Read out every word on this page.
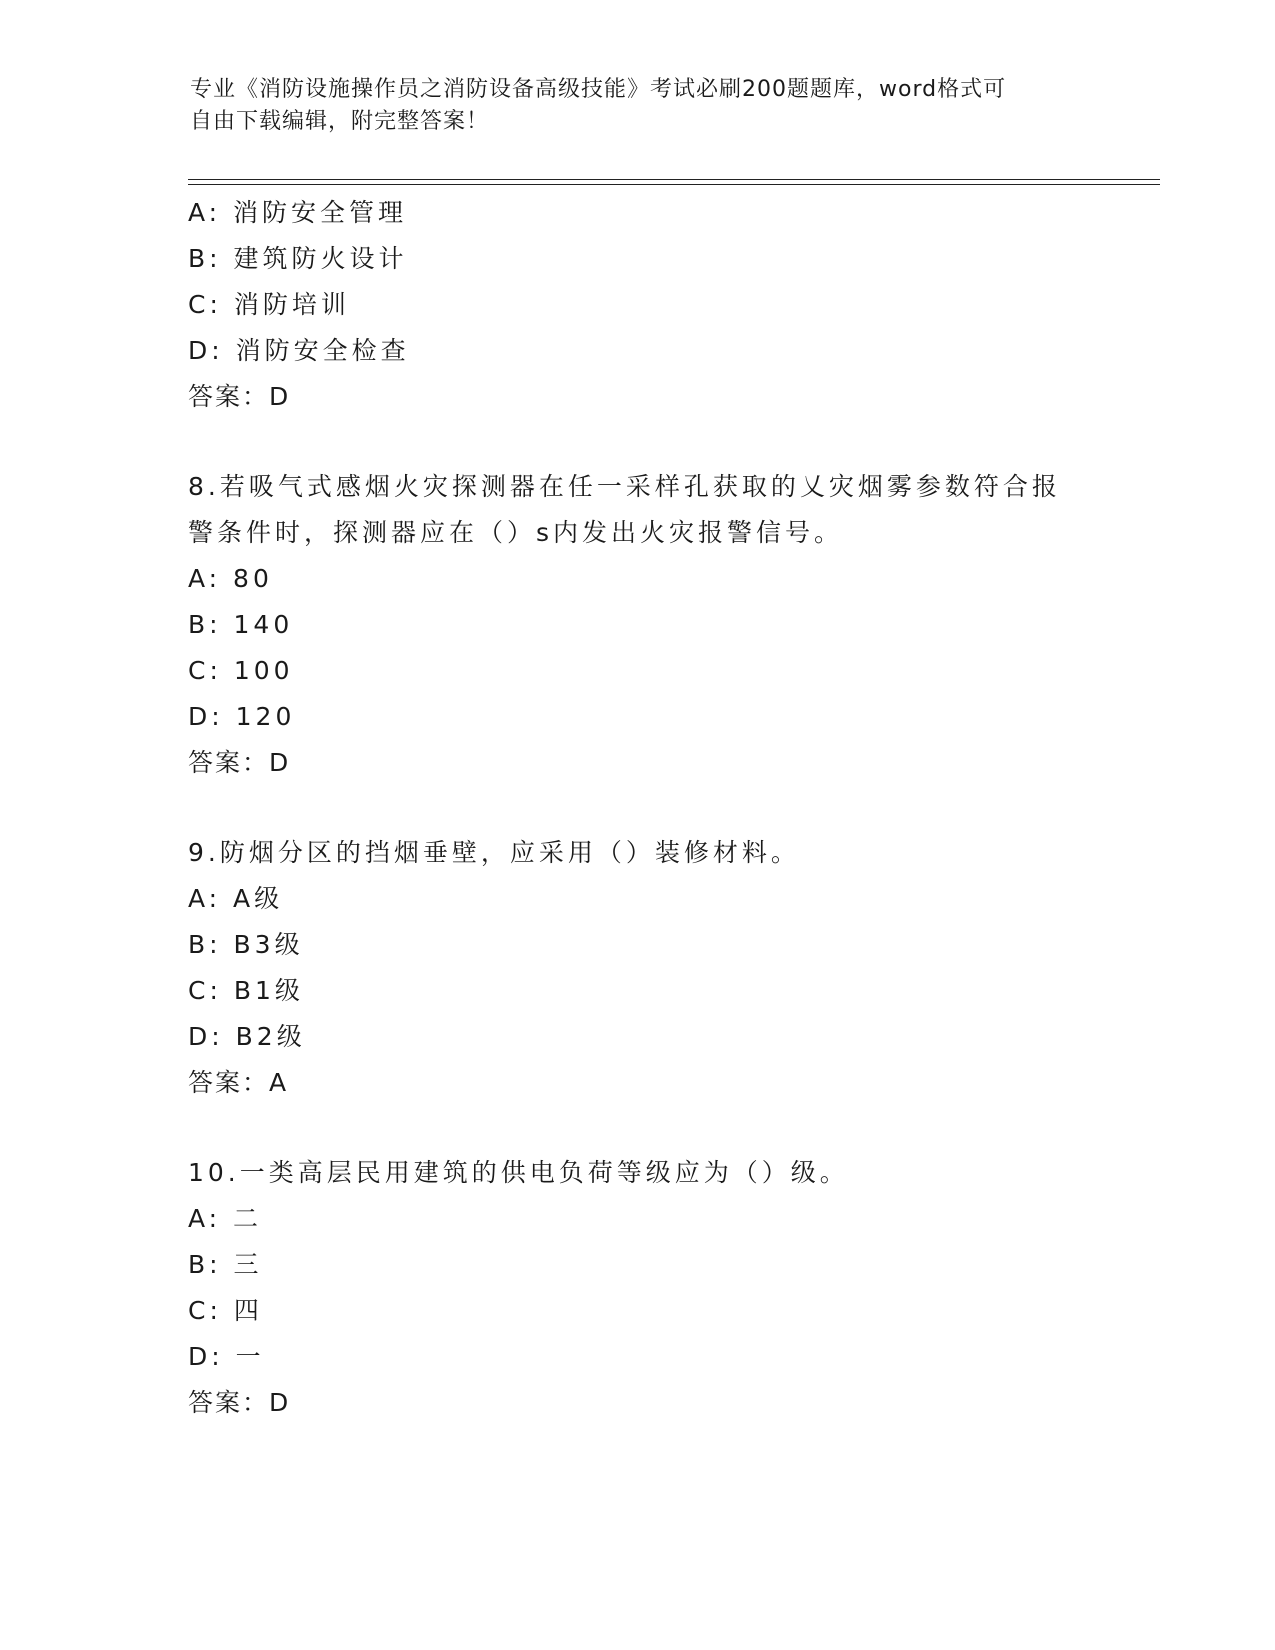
专业《消防设施操作员之消防设备高级技能》考试必刷200题题库，word格式可
自由下载编辑，附完整答案！
A: 消防安全管理
B: 建筑防火设计
C: 消防培训
D: 消防安全检查
答案：D
8.若吸气式感烟火灾探测器在任一采样孔获取的乂灾烟雾参数符合报
警条件时，探测器应在（）s内发出火灾报警信号。
A: 80
B: 140
C: 100
D: 120
答案：D
9.防烟分区的挡烟垂壁，应采用（）装修材料。
A: A级
B: B3级
C: B1级
D: B2级
答案：A
10.一类高层民用建筑的供电负荷等级应为（）级。
A: 二
B: 三
C: 四
D: 一
答案：D
